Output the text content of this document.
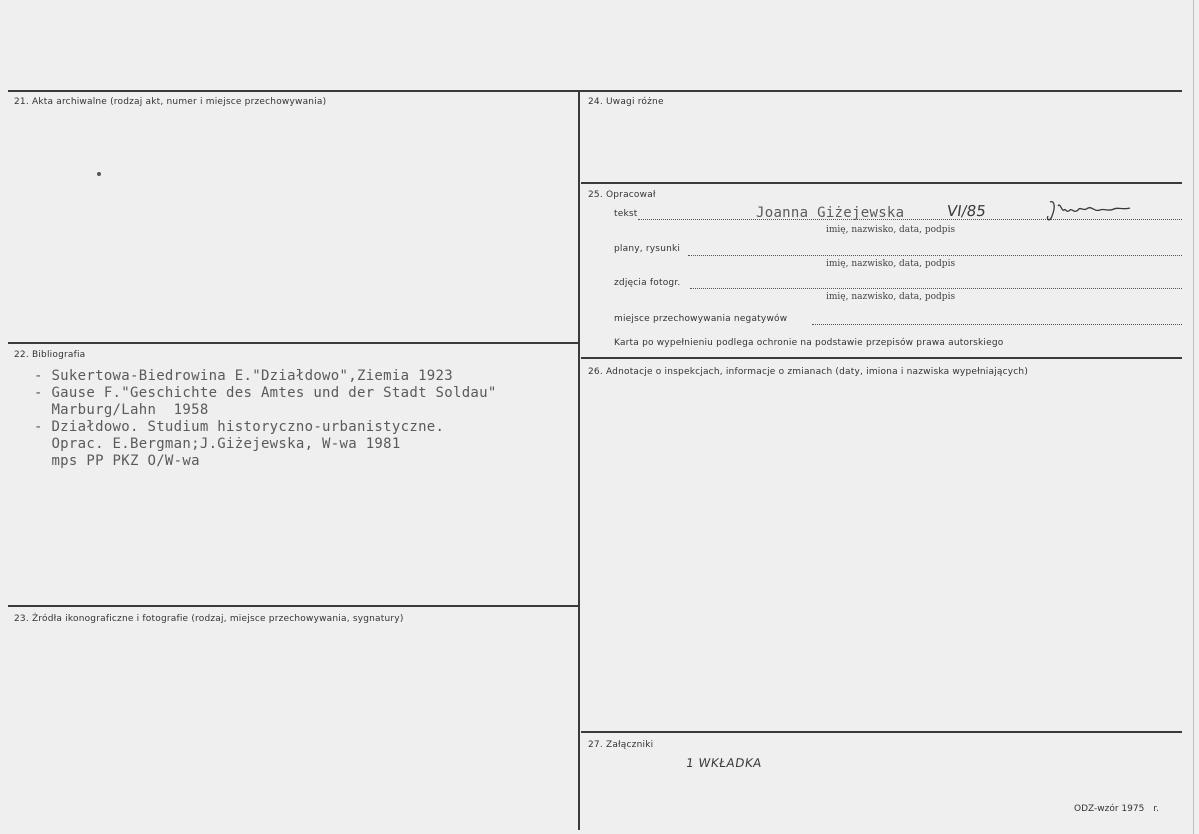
21. Akta archiwalne (rodzaj akt, numer i miejsce przechowywania)
22. Bibliografia
- Sukertowa-Biedrowina E."Działdowo",Ziemia 1923
- Gause F."Geschichte des Amtes und der Stadt Soldau"
Marburg/Lahn  1958
- Działdowo. Studium historyczno-urbanistyczne.
Oprac. E.Bergman;J.Giżejewska, W-wa 1981
mps PP PKZ O/W-wa
23. Źródła ikonograficzne i fotografie (rodzaj, miejsce przechowywania, sygnatury)
24. Uwagi różne
25. Opracował
tekst	Joanna Giżejewska	VI/85
imię, nazwisko, data, podpis
plany, rysunki
imię, nazwisko, data, podpis
zdjęcia fotogr.
imię, nazwisko, data, podpis
miejsce przechowywania negatywów
Karta po wypełnieniu podlega ochronie na podstawie przepisów prawa autorskiego
26. Adnotacje o inspekcjach, informacje o zmianach (daty, imiona i nazwiska wypełniających)
27. Załączniki
1 WKŁADKA
ODZ-wzór 1975 r.
